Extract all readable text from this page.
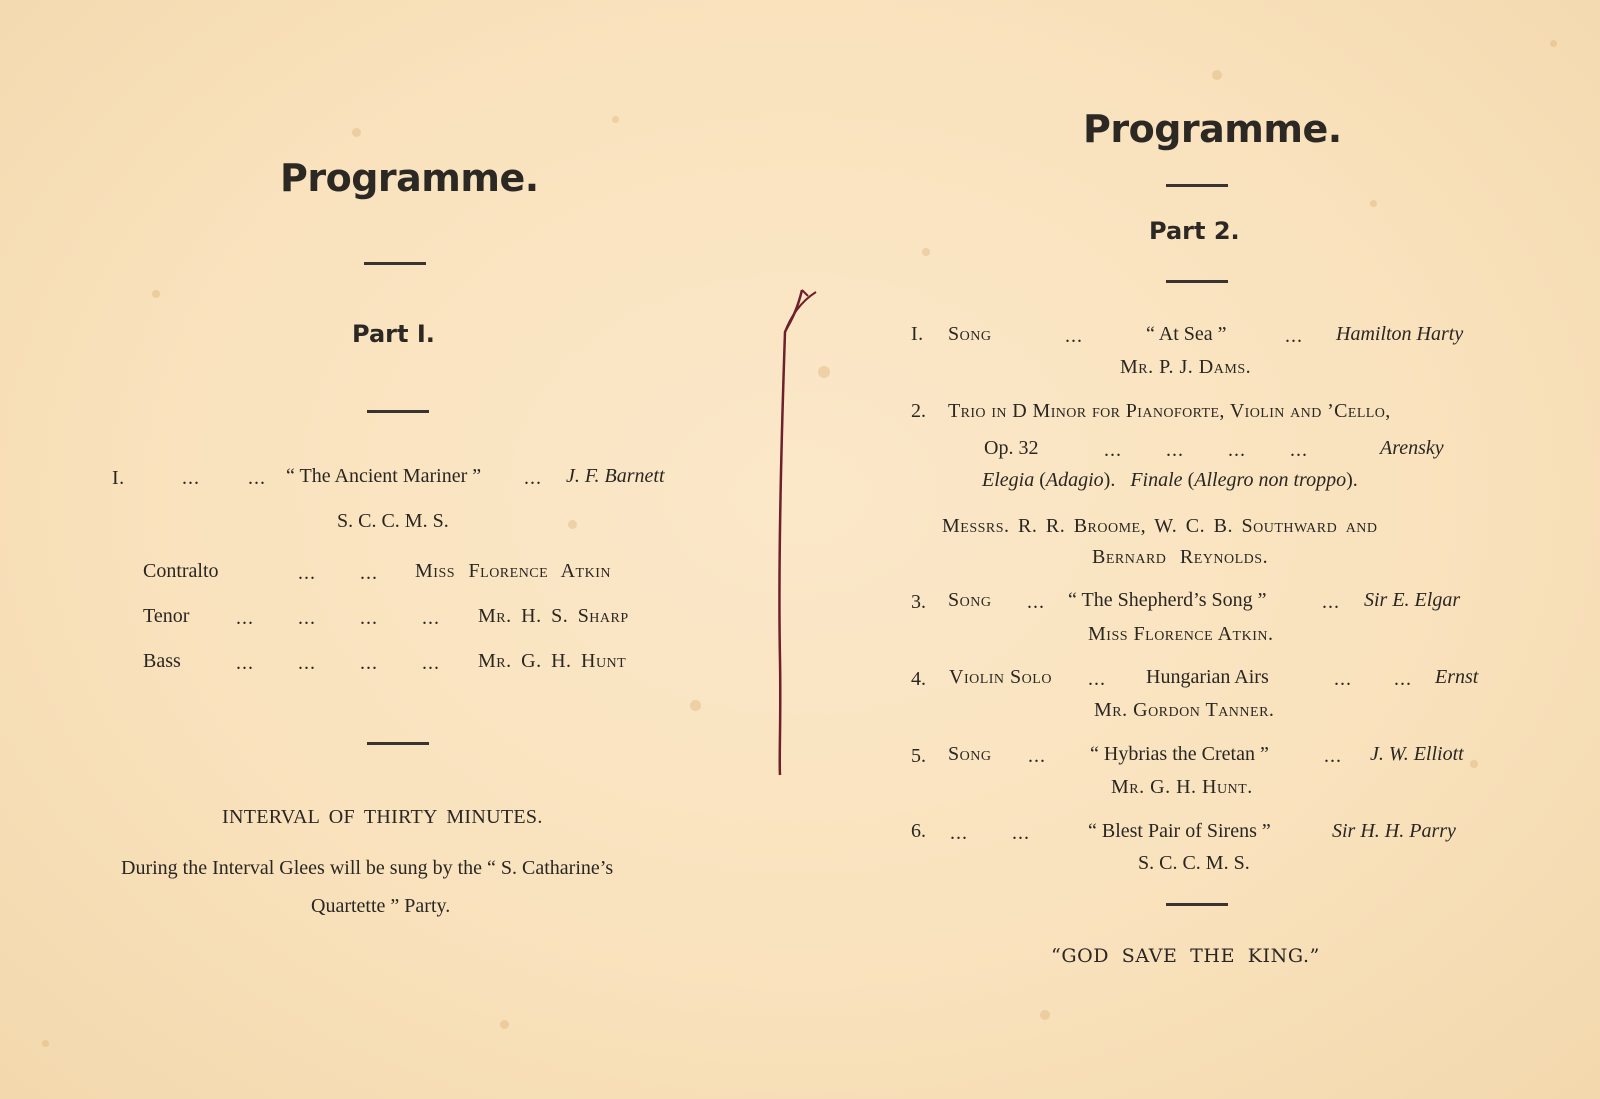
Programme.
Part I.
I.	... ... “ The Ancient Mariner ” ... J. F. Barnett
S. C. C. M. S.
Contralto	... ... Miss Florence Atkin
Tenor ... ... ... ... Mr. H. S. Sharp
Bass	... ... ... ... Mr. G. H. Hunt
INTERVAL OF THIRTY MINUTES.
During the Interval Glees will be sung by the “ S. Catharine’s
Quartette ” Party.
Programme.
Part 2.
I. Song	...	“ At Sea ”	... Hamilton Harty
Mr. P. J. Dams.
2. Trio in D Minor for Pianoforte, Violin and ’Cello,
Op. 32	... ... ... ...	Arensky
Elegia (Adagio).   Finale (Allegro non troppo).
Messrs. R. R. Broome, W. C. B. Southward and
Bernard Reynolds.
3. Song ... “ The Shepherd’s Song ”	... Sir E. Elgar
Miss Florence Atkin.
4. Violin Solo ... Hungarian Airs	... ... Ernst
Mr. Gordon Tanner.
5. Song ... “ Hybrias the Cretan ”	... J. W. Elliott
Mr. G. H. Hunt.
6. ... ...	“ Blest Pair of Sirens ”	Sir H. H. Parry
S. C. C. M. S.
“GOD SAVE THE KING.”
